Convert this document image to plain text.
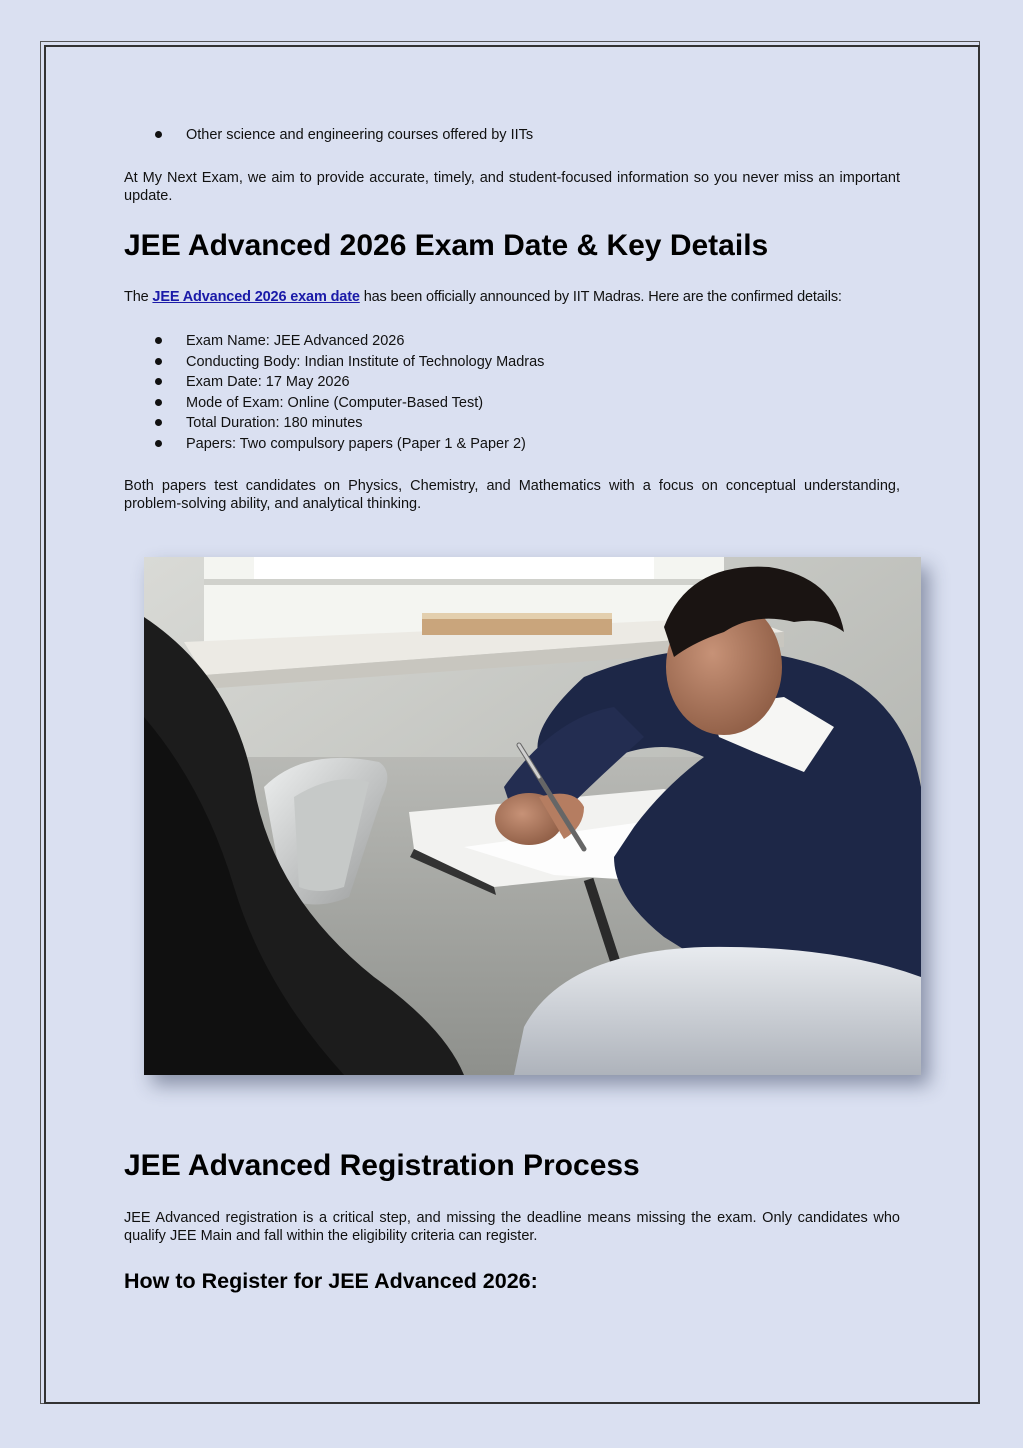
Other science and engineering courses offered by IITs

At My Next Exam, we aim to provide accurate, timely, and student-focused information so you never miss an important update.

JEE Advanced 2026 Exam Date & Key Details

The JEE Advanced 2026 exam date has been officially announced by IIT Madras. Here are the confirmed details:

Exam Name: JEE Advanced 2026
Conducting Body: Indian Institute of Technology Madras
Exam Date: 17 May 2026
Mode of Exam: Online (Computer-Based Test)
Total Duration: 180 minutes
Papers: Two compulsory papers (Paper 1 & Paper 2)

Both papers test candidates on Physics, Chemistry, and Mathematics with a focus on conceptual understanding, problem-solving ability, and analytical thinking.

JEE Advanced Registration Process

JEE Advanced registration is a critical step, and missing the deadline means missing the exam. Only candidates who qualify JEE Main and fall within the eligibility criteria can register.

How to Register for JEE Advanced 2026:
